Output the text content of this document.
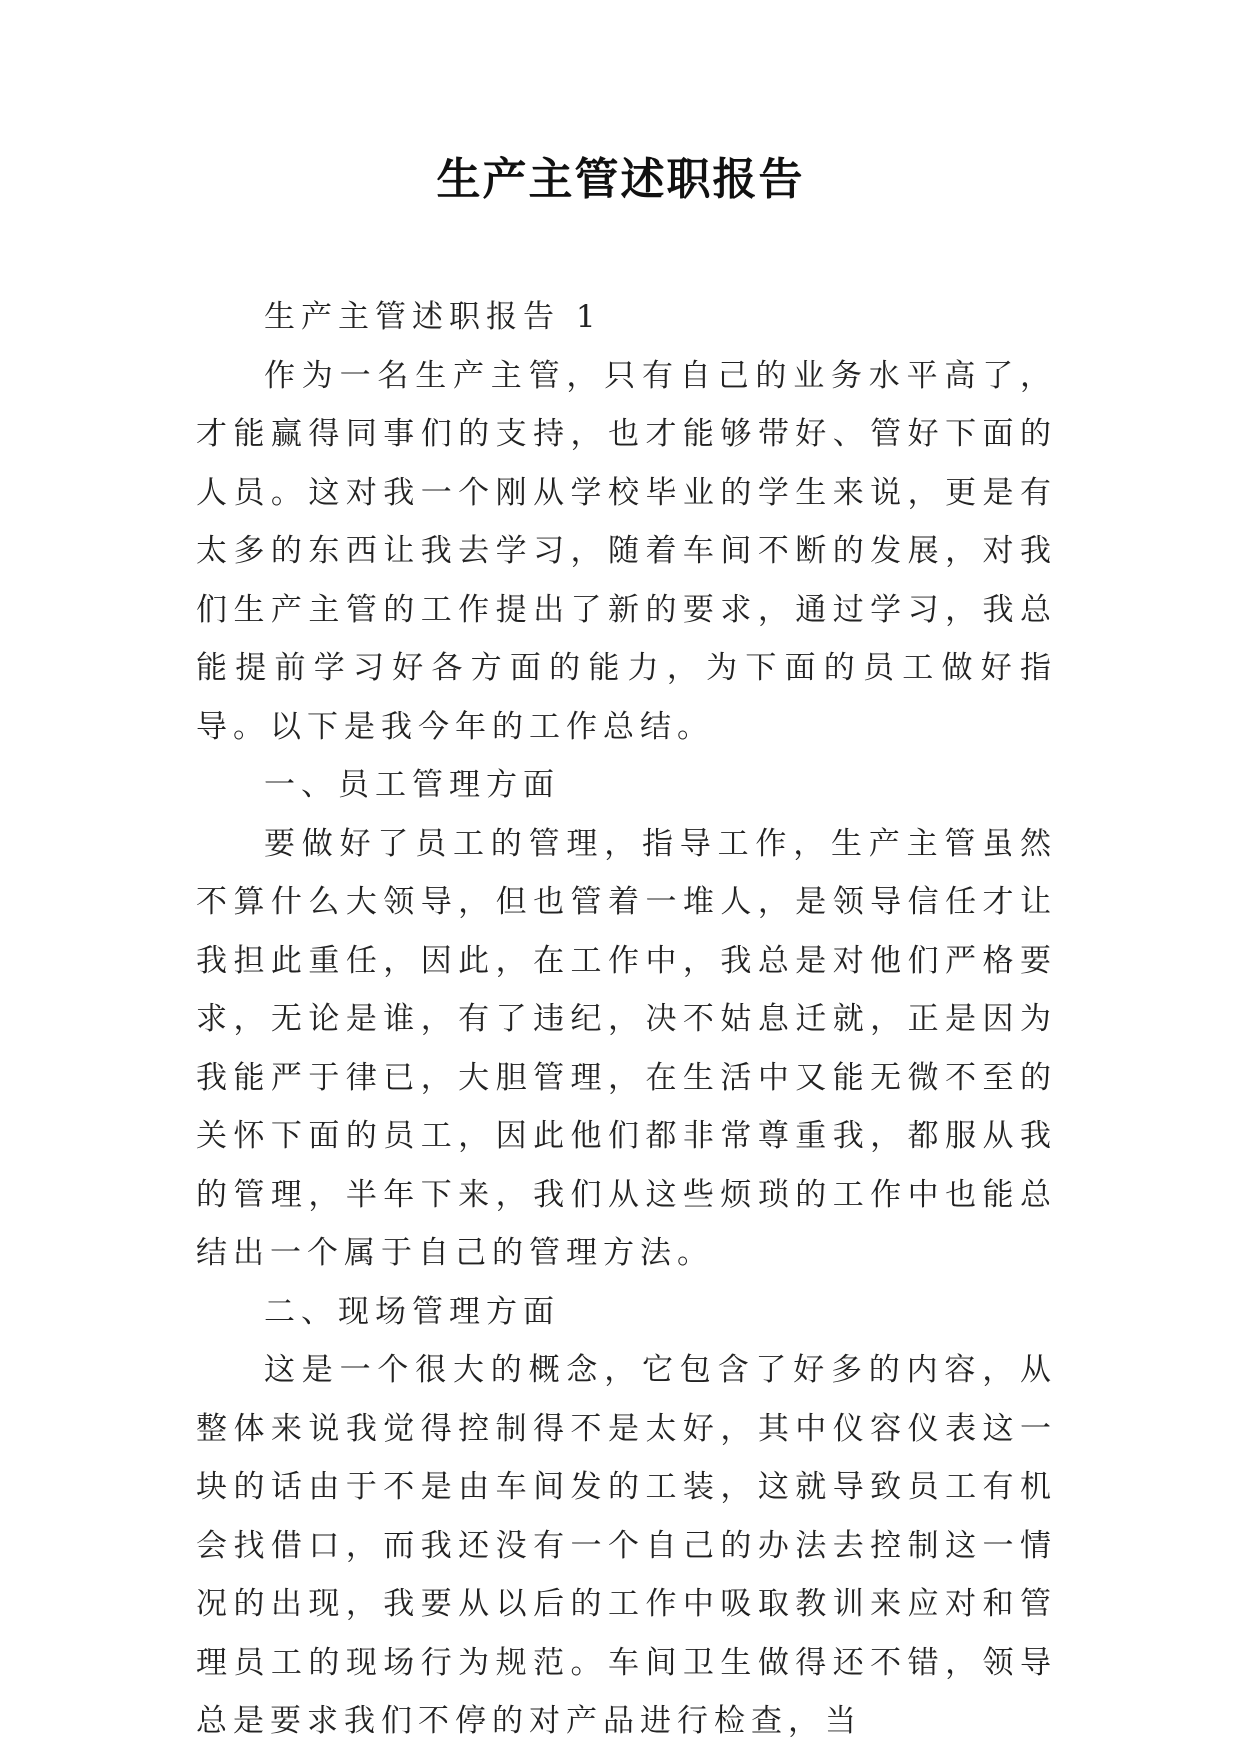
生产主管述职报告

生产主管述职报告 1

作为一名生产主管，只有自己的业务水平高了，才能赢得同事们的支持，也才能够带好、管好下面的人员。这对我一个刚从学校毕业的学生来说，更是有太多的东西让我去学习，随着车间不断的发展，对我们生产主管的工作提出了新的要求，通过学习，我总能提前学习好各方面的能力，为下面的员工做好指导。以下是我今年的工作总结。

一、员工管理方面

要做好了员工的管理，指导工作，生产主管虽然不算什么大领导，但也管着一堆人，是领导信任才让我担此重任，因此，在工作中，我总是对他们严格要求，无论是谁，有了违纪，决不姑息迁就，正是因为我能严于律已，大胆管理，在生活中又能无微不至的关怀下面的员工，因此他们都非常尊重我，都服从我的管理，半年下来，我们从这些烦琐的工作中也能总结出一个属于自己的管理方法。

二、现场管理方面

这是一个很大的概念，它包含了好多的内容，从整体来说我觉得控制得不是太好，其中仪容仪表这一块的话由于不是由车间发的工装，这就导致员工有机会找借口，而我还没有一个自己的办法去控制这一情况的出现，我要从以后的工作中吸取教训来应对和管理员工的现场行为规范。车间卫生做得还不错，领导总是要求我们不停的对产品进行检查，当
